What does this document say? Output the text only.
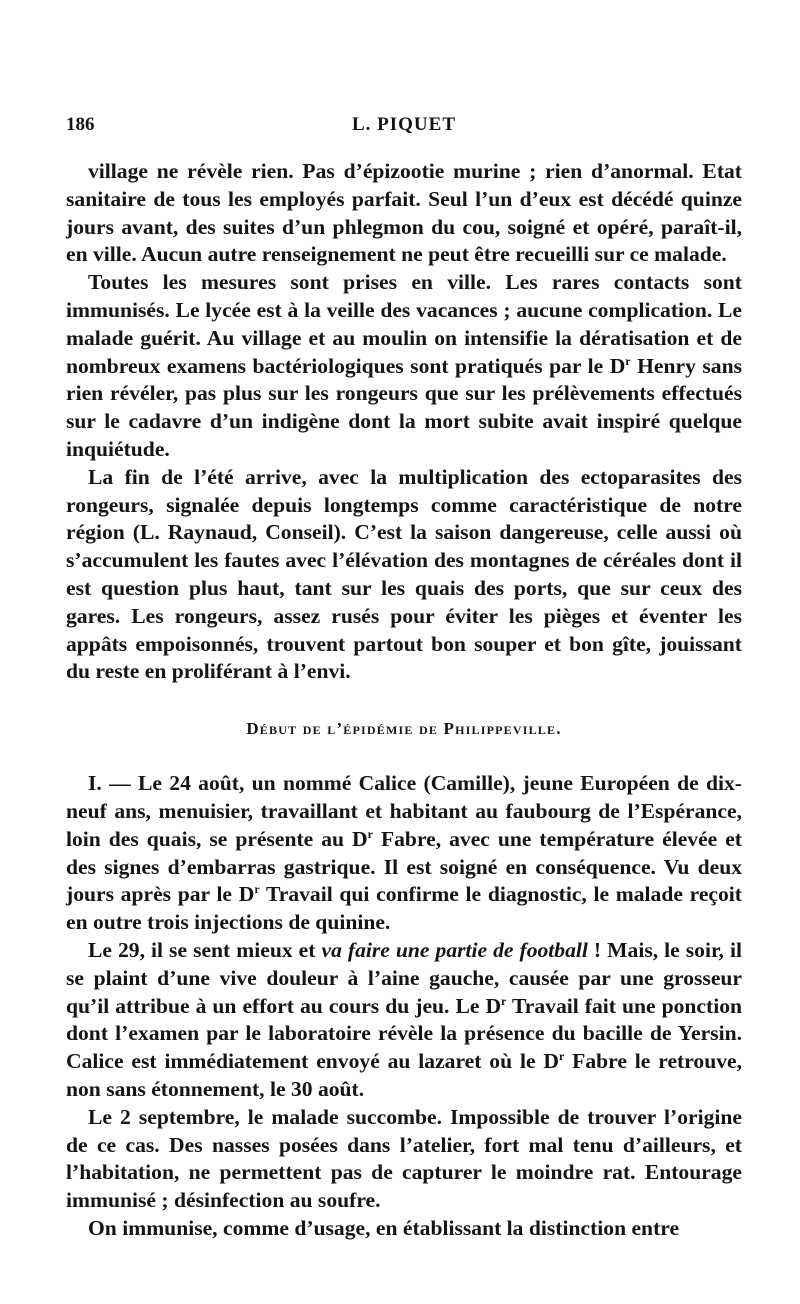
186	L. PIQUET

village ne révèle rien. Pas d’épizootie murine ; rien d’anormal. Etat sanitaire de tous les employés parfait. Seul l’un d’eux est décédé quinze jours avant, des suites d’un phlegmon du cou, soigné et opéré, paraît-il, en ville. Aucun autre renseignement ne peut être recueilli sur ce malade.

Toutes les mesures sont prises en ville. Les rares contacts sont immunisés. Le lycée est à la veille des vacances ; aucune complication. Le malade guérit. Au village et au moulin on intensifie la dératisation et de nombreux examens bactériologiques sont pratiqués par le $D^r$ Henry sans rien révéler, pas plus sur les rongeurs que sur les prélèvements effectués sur le cadavre d’un indigène dont la mort subite avait inspiré quelque inquiétude.

La fin de l’été arrive, avec la multiplication des ectoparasites des rongeurs, signalée depuis longtemps comme caractéristique de notre région (L. Raynaud, Conseil). C’est la saison dangereuse, celle aussi où s’accumulent les fautes avec l’élévation des montagnes de céréales dont il est question plus haut, tant sur les quais des ports, que sur ceux des gares. Les rongeurs, assez rusés pour éviter les pièges et éventer les appâts empoisonnés, trouvent partout bon souper et bon gîte, jouissant du reste en proliférant à l’envi.

Début de l’épidémie de Philippeville.

I. — Le 24 août, un nommé Calice (Camille), jeune Européen de dix-neuf ans, menuisier, travaillant et habitant au faubourg de l’Espérance, loin des quais, se présente au $D^r$ Fabre, avec une température élevée et des signes d’embarras gastrique. Il est soigné en conséquence. Vu deux jours après par le $D^r$ Travail qui confirme le diagnostic, le malade reçoit en outre trois injections de quinine.

Le 29, il se sent mieux et va faire une partie de football ! Mais, le soir, il se plaint d’une vive douleur à l’aine gauche, causée par une grosseur qu’il attribue à un effort au cours du jeu. Le $D^r$ Travail fait une ponction dont l’examen par le laboratoire révèle la présence du bacille de Yersin. Calice est immédiatement envoyé au lazaret où le $D^r$ Fabre le retrouve, non sans étonnement, le 30 août.

Le 2 septembre, le malade succombe. Impossible de trouver l’origine de ce cas. Des nasses posées dans l’atelier, fort mal tenu d’ailleurs, et l’habitation, ne permettent pas de capturer le moindre rat. Entourage immunisé ; désinfection au soufre.

On immunise, comme d’usage, en établissant la distinction entre
